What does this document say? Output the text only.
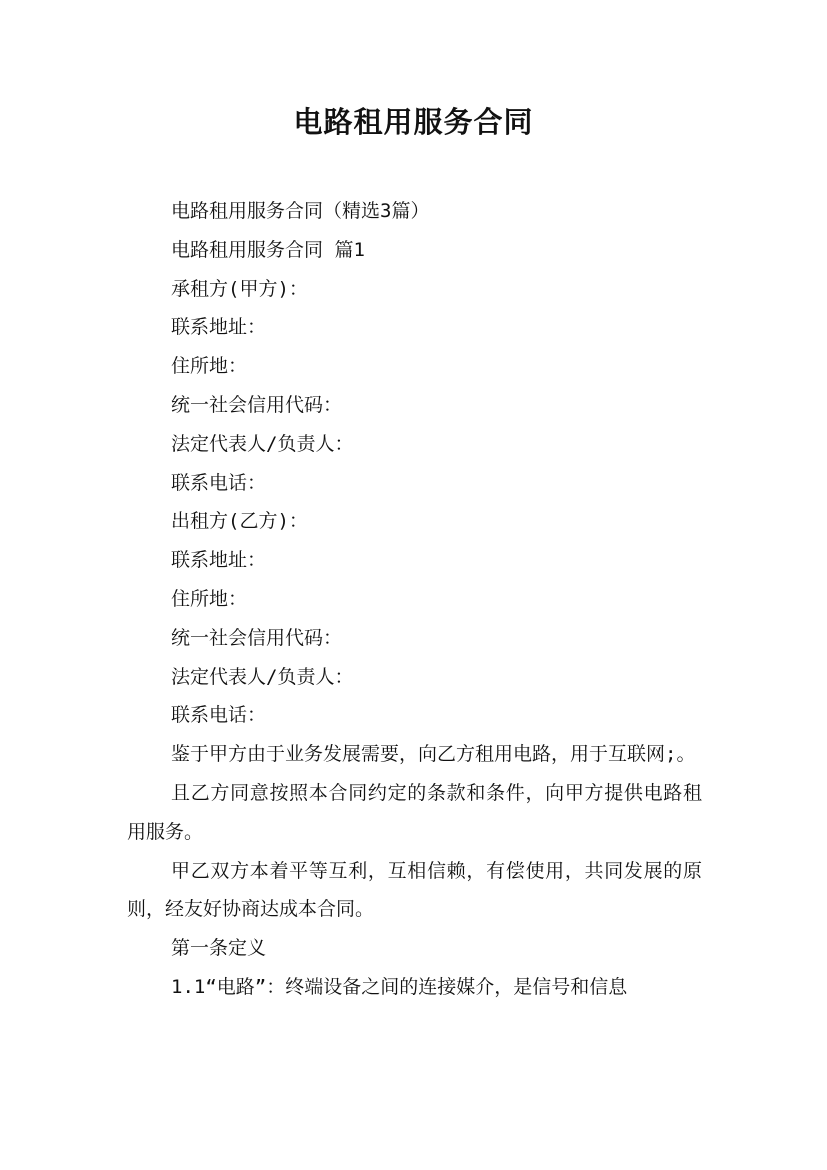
电路租用服务合同

电路租用服务合同（精选3篇）

电路租用服务合同 篇1

承租方(甲方)：

联系地址：

住所地：

统一社会信用代码：

法定代表人/负责人：

联系电话：

出租方(乙方)：

联系地址：

住所地：

统一社会信用代码：

法定代表人/负责人：

联系电话：

鉴于甲方由于业务发展需要，向乙方租用电路，用于互联网;。

且乙方同意按照本合同约定的条款和条件，向甲方提供电路租用服务。

甲乙双方本着平等互利，互相信赖，有偿使用，共同发展的原则，经友好协商达成本合同。

第一条定义

1.1“电路”：终端设备之间的连接媒介，是信号和信息
